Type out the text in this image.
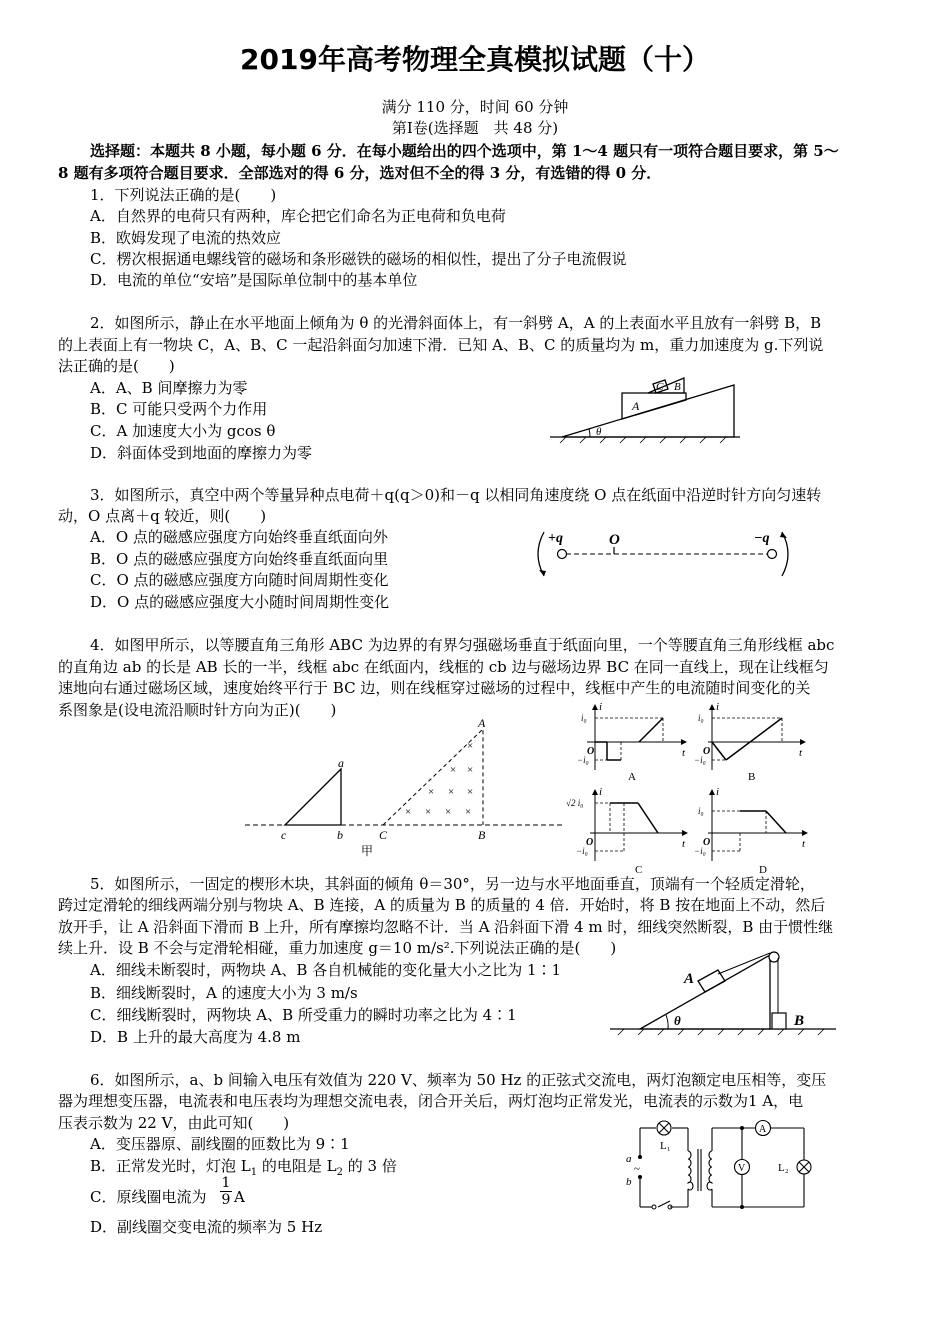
2019年高考物理全真模拟试题（十）
满分 110 分，时间 60 分钟
第Ⅰ卷(选择题　共 48 分)
选择题：本题共 8 小题，每小题 6 分．在每小题给出的四个选项中，第 1～4 题只有一项符合题目要求，第 5～
8 题有多项符合题目要求．全部选对的得 6 分，选对但不全的得 3 分，有选错的得 0 分．
1．下列说法正确的是(　　)
A．自然界的电荷只有两种，库仑把它们命名为正电荷和负电荷
B．欧姆发现了电流的热效应
C．楞次根据通电螺线管的磁场和条形磁铁的磁场的相似性，提出了分子电流假说
D．电流的单位“安培”是国际单位制中的基本单位
2．如图所示，静止在水平地面上倾角为 θ 的光滑斜面体上，有一斜劈 A，A 的上表面水平且放有一斜劈 B，B
的上表面上有一物块 C，A、B、C 一起沿斜面匀加速下滑．已知 A、B、C 的质量均为 m，重力加速度为 g.下列说
法正确的是(　　)
A．A、B 间摩擦力为零
B．C 可能只受两个力作用
C．A 加速度大小为 gcos θ
D．斜面体受到地面的摩擦力为零
C B
A
θ
3．如图所示，真空中两个等量异种点电荷＋q(q＞0)和－q 以相同角速度绕 O 点在纸面中沿逆时针方向匀速转
动，O 点离＋q 较近，则(　　)
A．O 点的磁感应强度方向始终垂直纸面向外
B．O 点的磁感应强度方向始终垂直纸面向里
C．O 点的磁感应强度方向随时间周期性变化
D．O 点的磁感应强度大小随时间周期性变化
+q	O	−q
4．如图甲所示，以等腰直角三角形 ABC 为边界的有界匀强磁场垂直于纸面向里，一个等腰直角三角形线框 abc
的直角边 ab 的长是 AB 长的一半，线框 abc 在纸面内，线框的 cb 边与磁场边界 BC 在同一直线上，现在让线框匀
速地向右通过磁场区域，速度始终平行于 BC 边，则在线框穿过磁场的过程中，线框中产生的电流随时间变化的关
系图象是(设电流沿顺时针方向为正)(　　)
×
× ×
× × ×
× × × ×
a
b
c
A
B
C
甲
i
t
O
i₀
−i₀
A
i
t
O
i₀
−i₀
B
i
t
O
√2 i₀
−i₀
C
i
t
O
i₀
−i₀
D
5．如图所示，一固定的楔形木块，其斜面的倾角 θ＝30°，另一边与水平地面垂直，顶端有一个轻质定滑轮，
跨过定滑轮的细线两端分别与物块 A、B 连接，A 的质量为 B 的质量的 4 倍．开始时，将 B 按在地面上不动，然后
放开手，让 A 沿斜面下滑而 B 上升，所有摩擦均忽略不计．当 A 沿斜面下滑 4 m 时，细线突然断裂，B 由于惯性继
续上升．设 B 不会与定滑轮相碰，重力加速度 g＝10 m/s².下列说法正确的是(　　)
A．细线未断裂时，两物块 A、B 各自机械能的变化量大小之比为 1∶1
B．细线断裂时，A 的速度大小为 3 m/s
C．细线断裂时，两物块 A、B 所受重力的瞬时功率之比为 4∶1
D．B 上升的最大高度为 4.8 m
A
B
θ
6．如图所示，a、b 间输入电压有效值为 220 V、频率为 50 Hz 的正弦式交流电，两灯泡额定电压相等，变压
器为理想变压器，电流表和电压表均为理想交流电表，闭合开关后，两灯泡均正常发光，电流表的示数为1 A，电
压表示数为 22 V，由此可知(　　)
A．变压器原、副线圈的匝数比为 9∶1
B．正常发光时，灯泡 $L_1$ 的电阻是 $L_2$ 的 3 倍
C．原线圈电流为 $\frac{1}{9}$ A
D．副线圈交变电流的频率为 5 Hz
A
V
L₁
L₂
a
b
~
